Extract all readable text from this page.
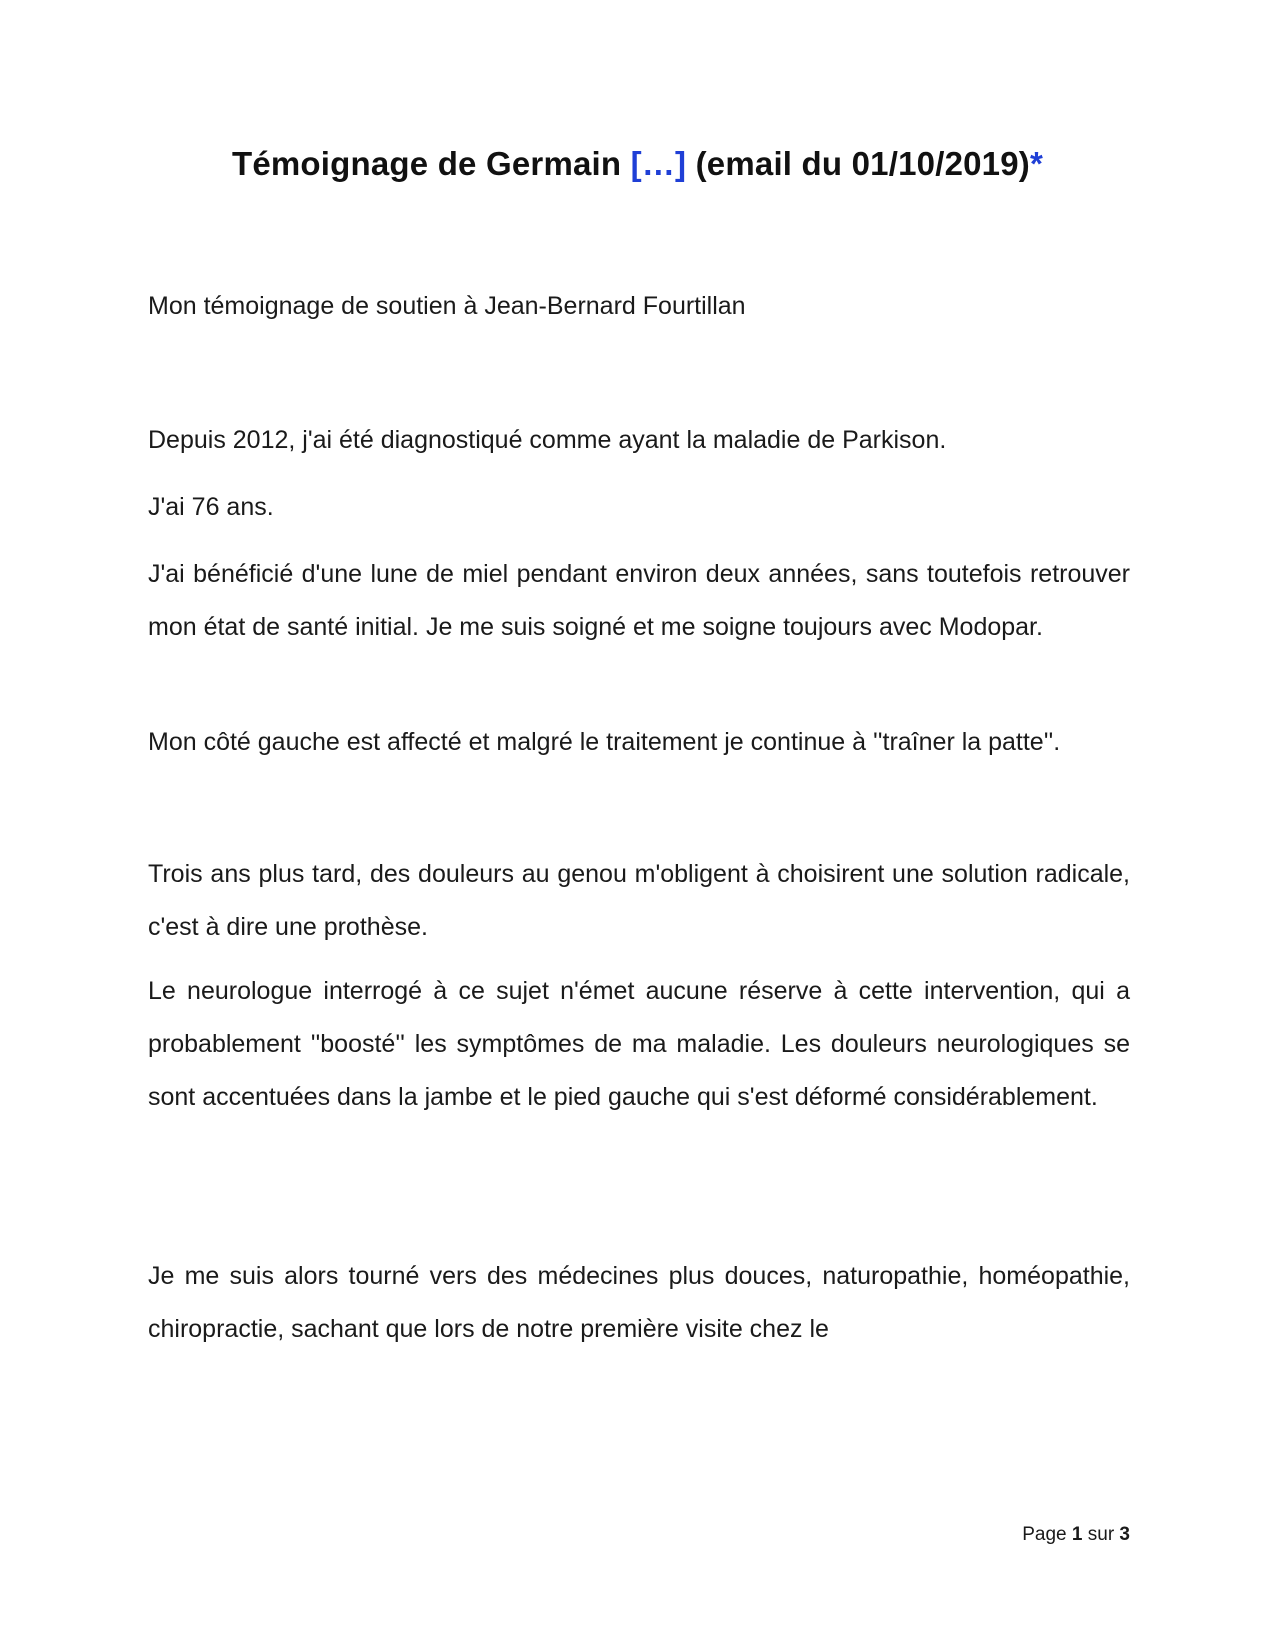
Témoignage de Germain […] (email du 01/10/2019)*

Mon témoignage de soutien à Jean-Bernard Fourtillan

Depuis 2012, j'ai été diagnostiqué comme ayant la maladie de Parkison.

J'ai 76 ans.

J'ai bénéficié d'une lune de miel pendant environ deux années, sans toutefois retrouver mon état de santé initial. Je me suis soigné et me soigne toujours avec Modopar.

Mon côté gauche est affecté et malgré le traitement je continue à ''traîner la patte''.

Trois ans plus tard, des douleurs au genou m'obligent à choisirent une solution radicale, c'est à dire une prothèse.

Le neurologue interrogé à ce sujet n'émet aucune réserve à cette intervention, qui a probablement ''boosté'' les symptômes de ma maladie. Les douleurs neurologiques se sont accentuées dans la jambe et le pied gauche qui s'est déformé considérablement.

Je me suis alors tourné vers des médecines plus douces, naturopathie, homéopathie, chiropractie, sachant que lors de notre première visite chez le

Page 1 sur 3
